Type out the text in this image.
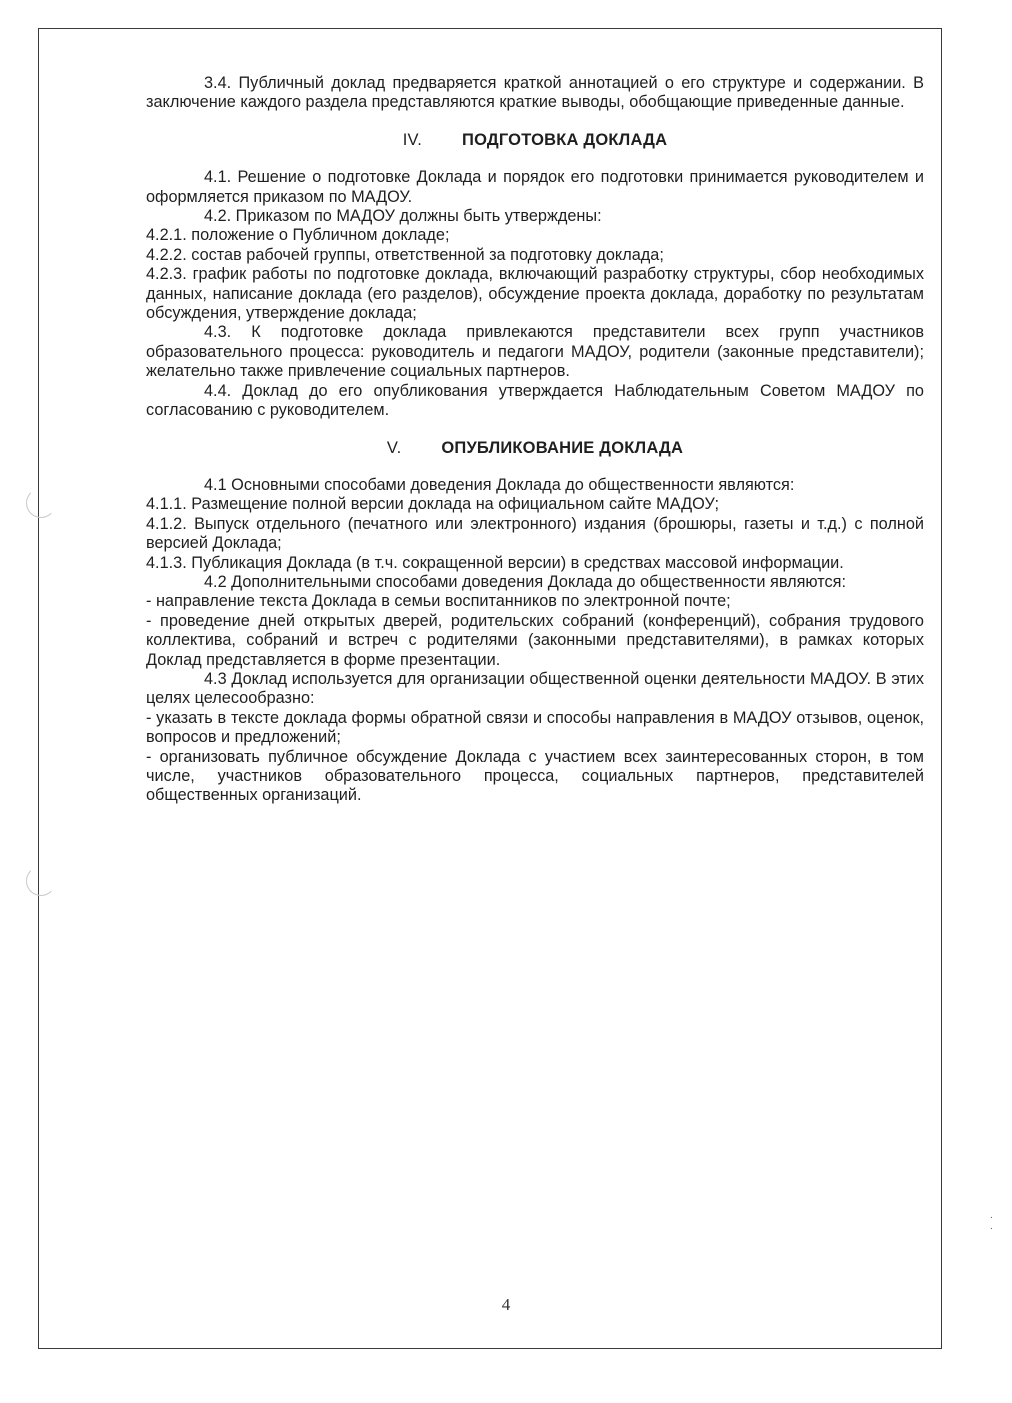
. .

3.4. Публичный доклад предваряется краткой аннотацией о его структуре и содержании. В заключение каждого раздела представляются краткие выводы, обобщающие приведенные данные.

IV. ПОДГОТОВКА ДОКЛАДА

4.1. Решение о подготовке Доклада и порядок его подготовки принимается руководителем и оформляется приказом по МАДОУ.

4.2. Приказом по МАДОУ должны быть утверждены:

4.2.1. положение о Публичном докладе;

4.2.2. состав рабочей группы, ответственной за подготовку доклада;

4.2.3. график работы по подготовке доклада, включающий разработку структуры, сбор необходимых данных, написание доклада (его разделов), обсуждение проекта доклада, доработку по результатам обсуждения, утверждение доклада;

4.3. К подготовке доклада привлекаются представители всех групп участников образовательного процесса: руководитель и педагоги МАДОУ, родители (законные представители); желательно также привлечение социальных партнеров.

4.4. Доклад до его опубликования утверждается Наблюдательным Советом МАДОУ по согласованию с руководителем.

V. ОПУБЛИКОВАНИЕ ДОКЛАДА

4.1 Основными способами доведения Доклада до общественности являются:

4.1.1. Размещение полной версии доклада на официальном сайте МАДОУ;

4.1.2. Выпуск отдельного (печатного или электронного) издания (брошюры, газеты и т.д.) с полной версией Доклада;

4.1.3. Публикация Доклада (в т.ч. сокращенной версии) в средствах массовой информации.

4.2 Дополнительными способами доведения Доклада до общественности являются:

- направление текста Доклада в семьи воспитанников по электронной почте;

- проведение дней открытых дверей, родительских собраний (конференций), собрания трудового коллектива, собраний и встреч с родителями (законными представителями), в рамках которых Доклад представляется в форме презентации.

4.3 Доклад используется для организации общественной оценки деятельности МАДОУ. В этих целях целесообразно:

- указать в тексте доклада формы обратной связи и способы направления в МАДОУ отзывов, оценок, вопросов и предложений;

- организовать публичное обсуждение Доклада с участием всех заинтересованных сторон, в том числе, участников образовательного процесса, социальных партнеров, представителей общественных организаций.

4
